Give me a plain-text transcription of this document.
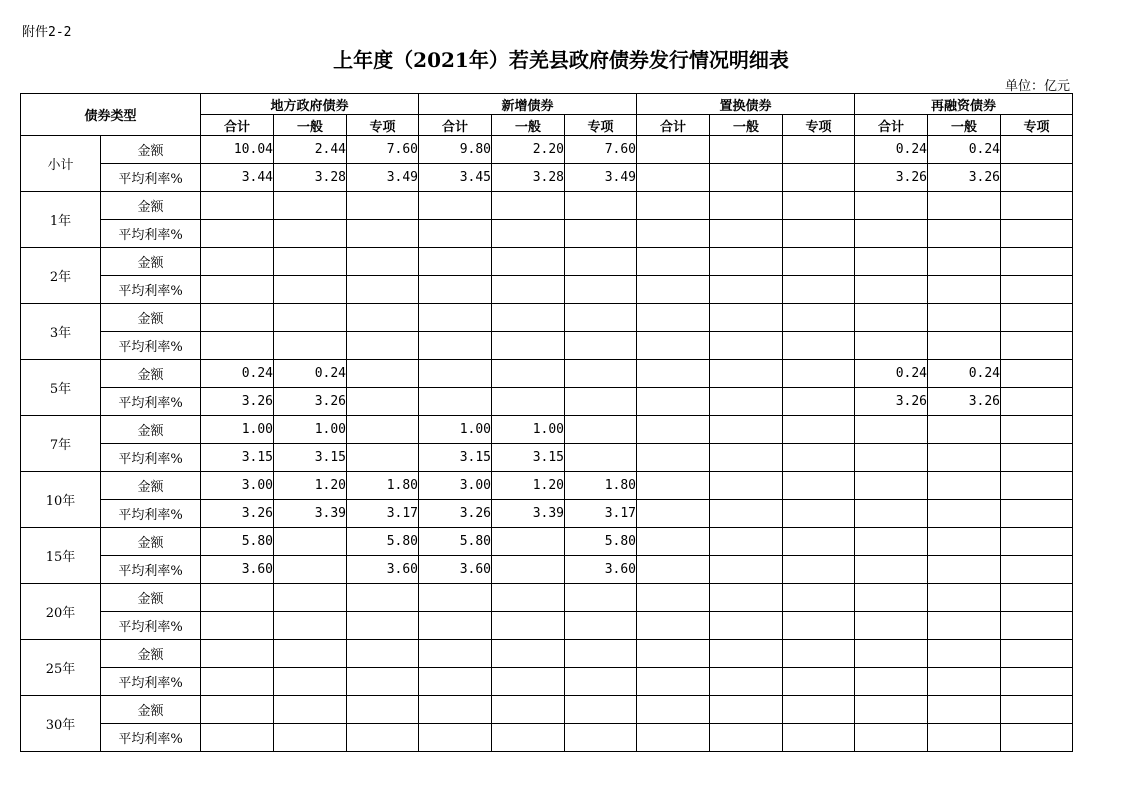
附件2-2
上年度（2021年）若羌县政府债券发行情况明细表
单位：亿元
债券类型		地方政府债券			新增债券			置换债券			再融资债券		
		合计	一般	专项	合计	一般	专项	合计	一般	专项	合计	一般	专项
小计	金额	10.04	2.44	7.60	9.80	2.20	7.60				0.24	0.24	
	平均利率%	3.44	3.28	3.49	3.45	3.28	3.49				3.26	3.26	
1年	金额												
	平均利率%												
2年	金额												
	平均利率%												
3年	金额												
	平均利率%												
5年	金额	0.24	0.24								0.24	0.24	
	平均利率%	3.26	3.26								3.26	3.26	
7年	金额	1.00	1.00		1.00	1.00							
	平均利率%	3.15	3.15		3.15	3.15							
10年	金额	3.00	1.20	1.80	3.00	1.20	1.80						
	平均利率%	3.26	3.39	3.17	3.26	3.39	3.17						
15年	金额	5.80		5.80	5.80		5.80						
	平均利率%	3.60		3.60	3.60		3.60						
20年	金额												
	平均利率%												
25年	金额												
	平均利率%												
30年	金额												
	平均利率%												
